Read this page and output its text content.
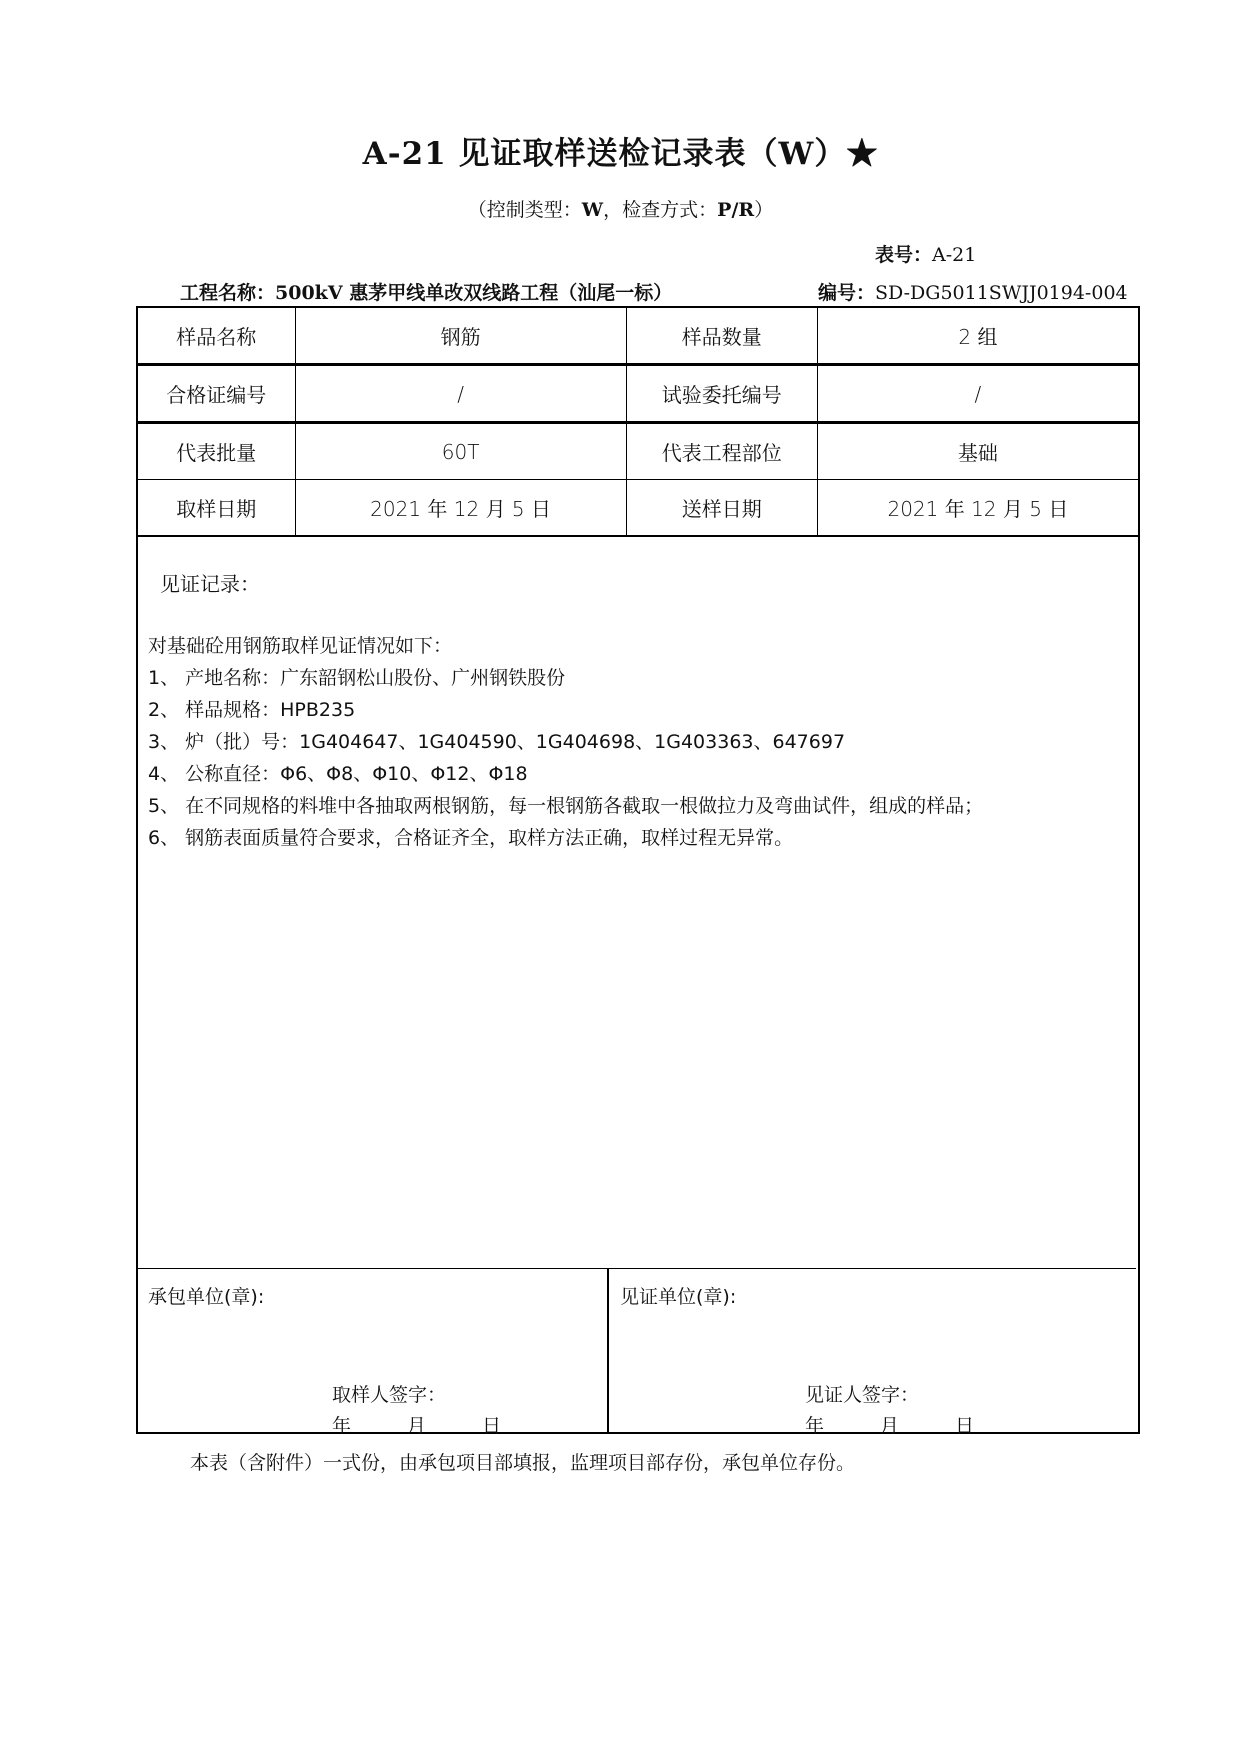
A-21 见证取样送检记录表（W）★
（控制类型：W，检查方式：P/R）
表号：A-21
工程名称：500kV 惠茅甲线单改双线路工程（汕尾一标）	编号：SD-DG5011SWJJ0194-004
样品名称	钢筋	样品数量	2 组
合格证编号	/	试验委托编号	/
代表批量	60T	代表工程部位	基础
取样日期	2021 年 12 月 5 日	送样日期	2021 年 12 月 5 日
见证记录：
对基础砼用钢筋取样见证情况如下：
1、 产地名称：广东韶钢松山股份、广州钢铁股份
2、 样品规格：HPB235
3、 炉（批）号：1G404647、1G404590、1G404698、1G403363、647697
4、 公称直径：Φ6、Φ8、Φ10、Φ12、Φ18
5、 在不同规格的料堆中各抽取两根钢筋，每一根钢筋各截取一根做拉力及弯曲试件，组成的样品；
6、 钢筋表面质量符合要求，合格证齐全，取样方法正确，取样过程无异常。
承包单位(章):
取样人签字：
年	月	日
见证单位(章):
见证人签字：
年	月	日
本表（含附件）一式份，由承包项目部填报，监理项目部存份，承包单位存份。
